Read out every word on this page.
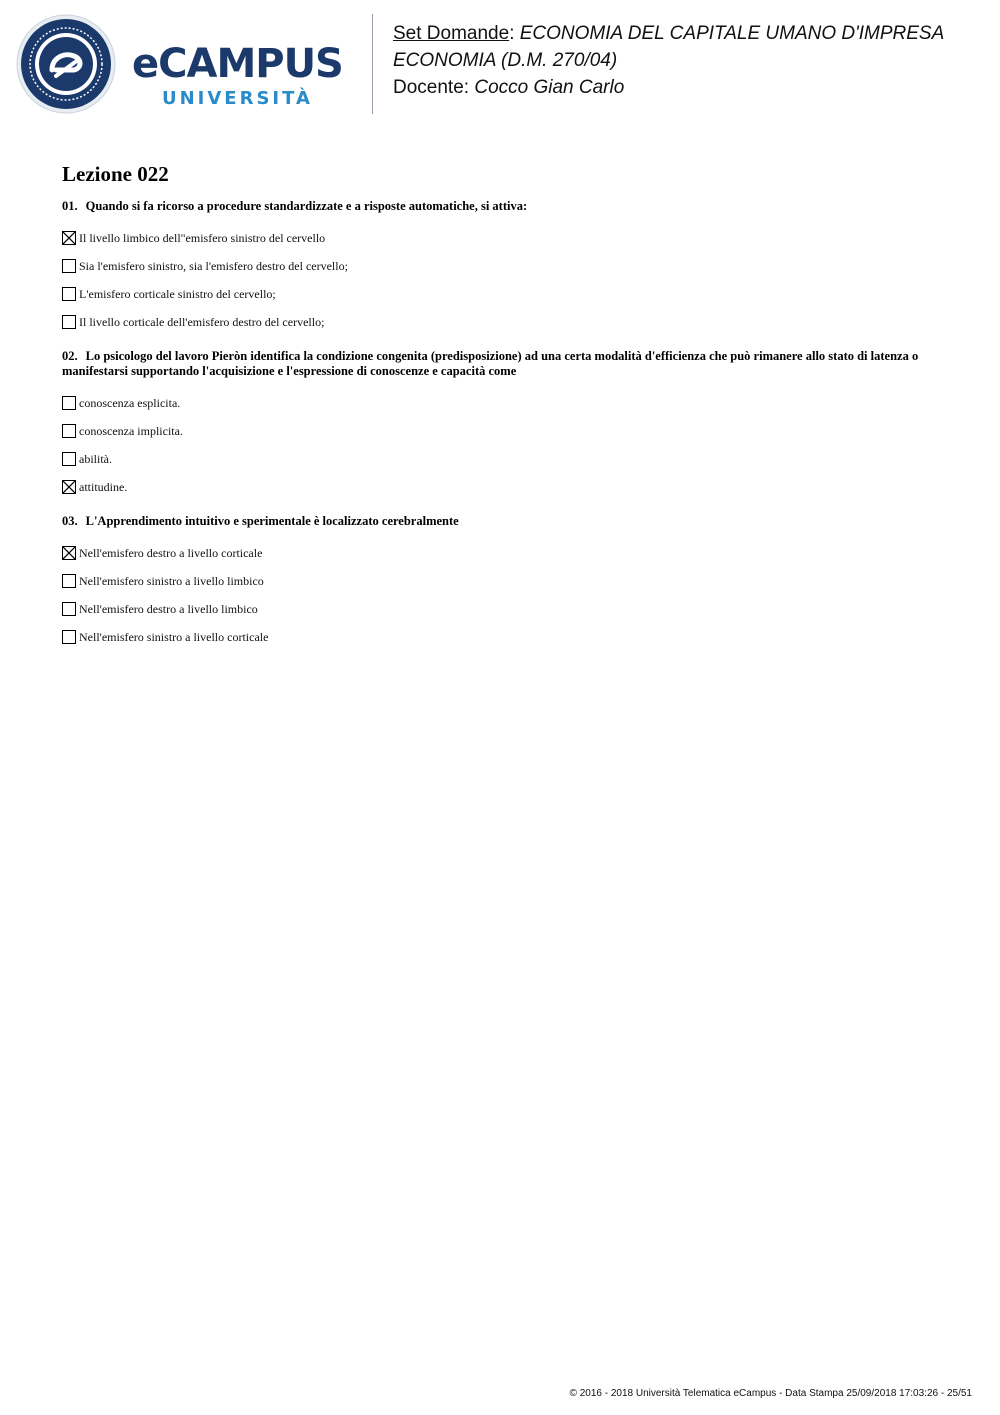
eCAMPUS
UNIVERSITÀ
Set Domande: ECONOMIA DEL CAPITALE UMANO D'IMPRESA
ECONOMIA (D.M. 270/04)
Docente: Cocco Gian Carlo
Lezione 022
01. Quando si fa ricorso a procedure standardizzate e a risposte automatiche, si attiva:
Il livello limbico dell"emisfero sinistro del cervello
Sia l'emisfero sinistro, sia l'emisfero destro del cervello;
L'emisfero corticale sinistro del cervello;
Il livello corticale dell'emisfero destro del cervello;
02. Lo psicologo del lavoro Pieròn identifica la condizione congenita (predisposizione) ad una certa modalità d'efficienza che può rimanere allo stato di latenza o manifestarsi supportando l'acquisizione e l'espressione di conoscenze e capacità come
conoscenza esplicita.
conoscenza implicita.
abilità.
attitudine.
03. L'Apprendimento intuitivo e sperimentale è localizzato cerebralmente
Nell'emisfero destro a livello corticale
Nell'emisfero sinistro a livello limbico
Nell'emisfero destro a livello limbico
Nell'emisfero sinistro a livello corticale
© 2016 - 2018 Università Telematica eCampus - Data Stampa 25/09/2018 17:03:26 - 25/51
